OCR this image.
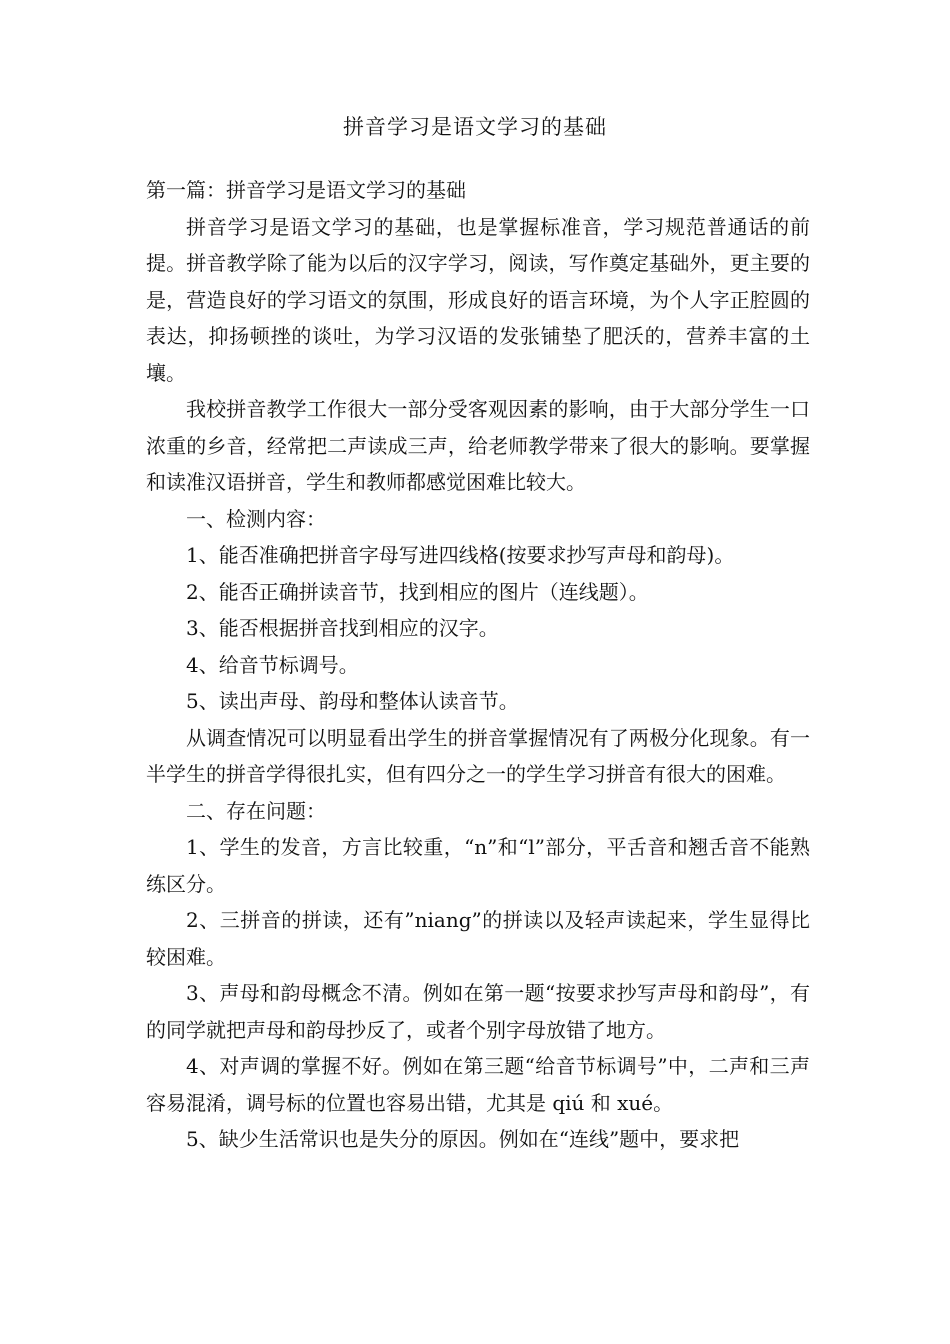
拼音学习是语文学习的基础

第一篇：拼音学习是语文学习的基础

拼音学习是语文学习的基础，也是掌握标准音，学习规范普通话的前提。拼音教学除了能为以后的汉字学习，阅读，写作奠定基础外，更主要的是，营造良好的学习语文的氛围，形成良好的语言环境，为个人字正腔圆的表达，抑扬顿挫的谈吐，为学习汉语的发张铺垫了肥沃的，营养丰富的土壤。

我校拼音教学工作很大一部分受客观因素的影响，由于大部分学生一口浓重的乡音，经常把二声读成三声，给老师教学带来了很大的影响。要掌握和读准汉语拼音，学生和教师都感觉困难比较大。

一、检测内容：

1、能否准确把拼音字母写进四线格(按要求抄写声母和韵母)。

2、能否正确拼读音节，找到相应的图片（连线题）。

3、能否根据拼音找到相应的汉字。

4、给音节标调号。

5、读出声母、韵母和整体认读音节。

从调查情况可以明显看出学生的拼音掌握情况有了两极分化现象。有一半学生的拼音学得很扎实，但有四分之一的学生学习拼音有很大的困难。

二、存在问题：

1、学生的发音，方言比较重，“n”和“l”部分，平舌音和翘舌音不能熟练区分。

2、三拼音的拼读，还有”niang”的拼读以及轻声读起来，学生显得比较困难。

3、声母和韵母概念不清。例如在第一题“按要求抄写声母和韵母”，有的同学就把声母和韵母抄反了，或者个别字母放错了地方。

4、对声调的掌握不好。例如在第三题“给音节标调号”中，二声和三声容易混淆，调号标的位置也容易出错，尤其是 qiú 和 xué。

5、缺少生活常识也是失分的原因。例如在“连线”题中，要求把
